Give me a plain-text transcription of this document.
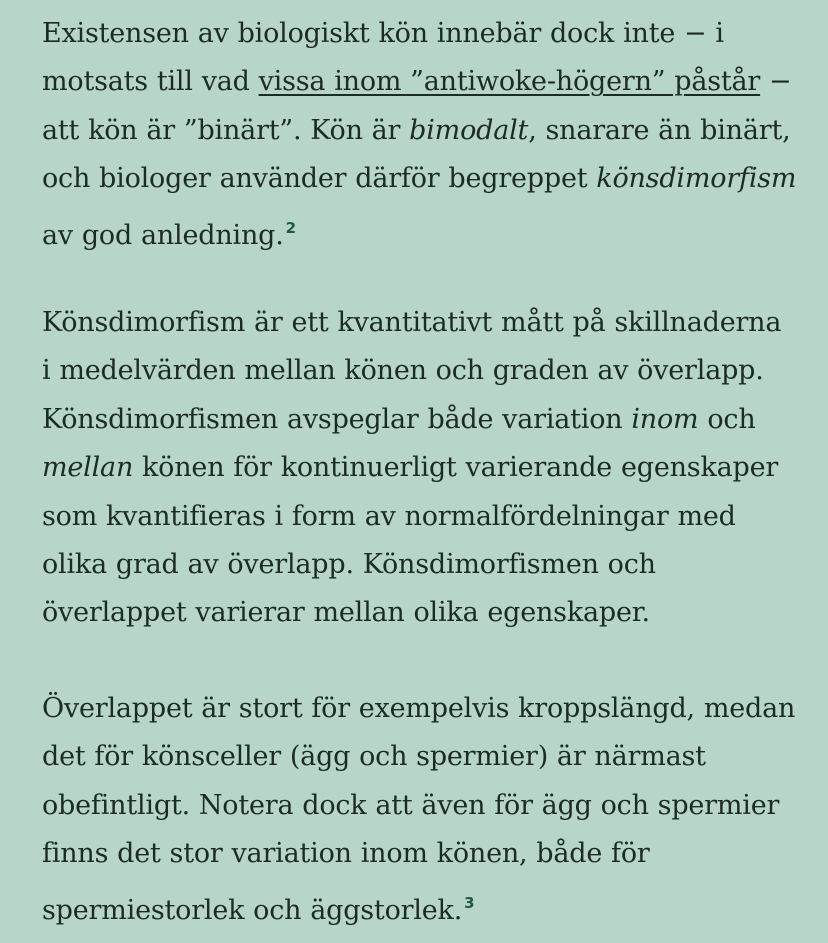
Existensen av biologiskt kön innebär dock inte − i
motsats till vad vissa inom ”antiwoke-högern” påstår −
att kön är ”binärt”. Kön är bimodalt, snarare än binärt,
och biologer använder därför begreppet könsdimorfism
av god anledning. $^2$

Könsdimorfism är ett kvantitativt mått på skillnaderna
i medelvärden mellan könen och graden av överlapp.
Könsdimorfismen avspeglar både variation inom och
mellan könen för kontinuerligt varierande egenskaper
som kvantifieras i form av normalfördelningar med
olika grad av överlapp. Könsdimorfismen och
överlappet varierar mellan olika egenskaper.

Överlappet är stort för exempelvis kroppslängd, medan
det för könsceller (ägg och spermier) är närmast
obefintligt. Notera dock att även för ägg och spermier
finns det stor variation inom könen, både för
spermiestorlek och äggstorlek. $^3$
